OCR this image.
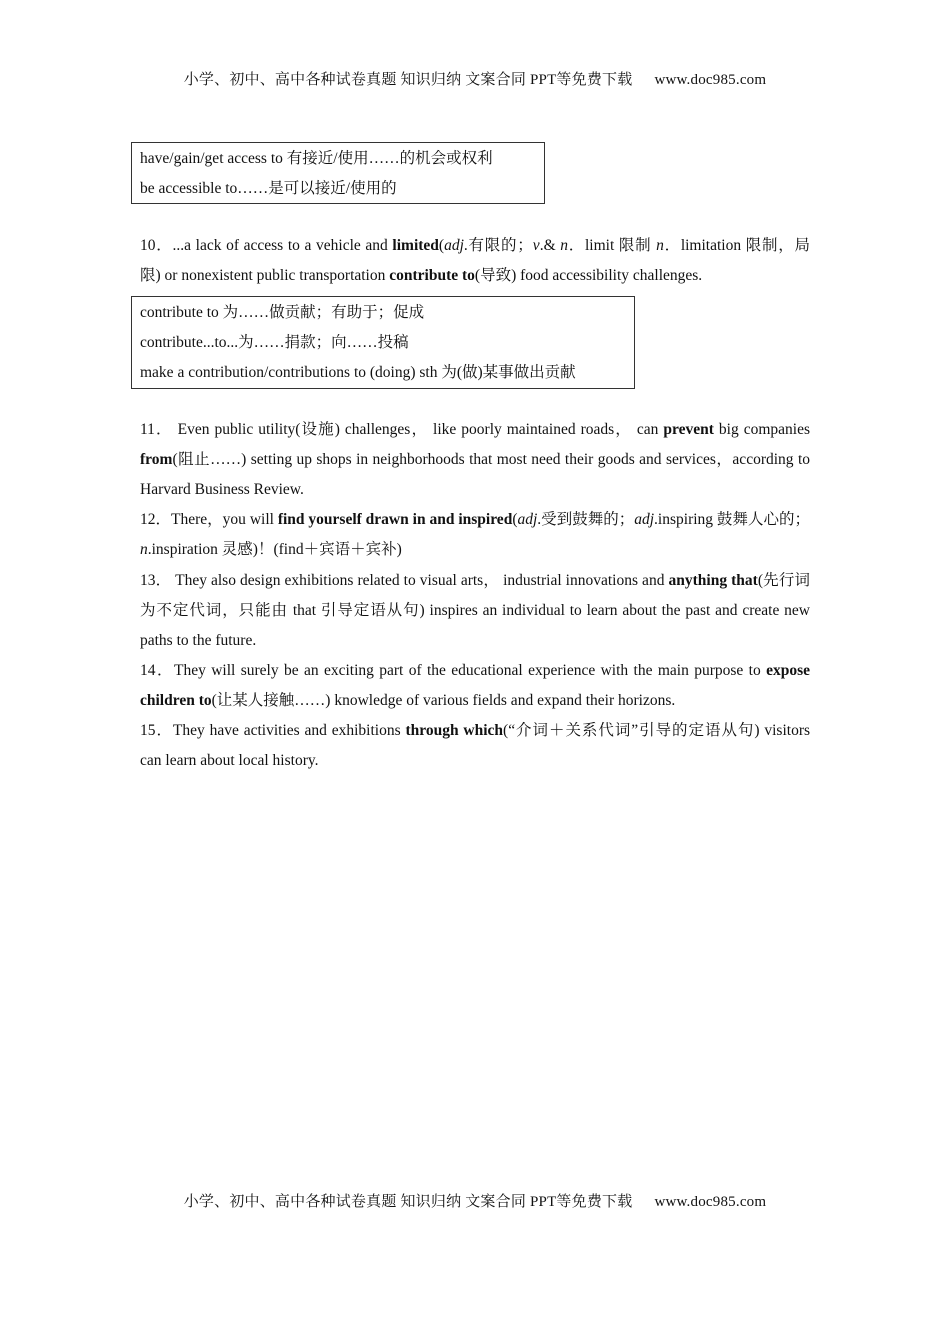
小学、初中、高中各种试卷真题 知识归纳 文案合同 PPT等免费下载 www.doc985.com
have/gain/get access to 有接近/使用……的机会或权利
be accessible to……是可以接近/使用的

10．...a lack of access to a vehicle and limited(adj.有限的；v.& n．limit 限制 n．limitation 限制，局限) or nonexistent public transportation contribute to(导致) food accessibility challenges.

contribute to 为……做贡献；有助于；促成
contribute...to...为……捐款；向……投稿
make a contribution/contributions to (doing) sth 为(做)某事做出贡献

11． Even public utility(设施) challenges， like poorly maintained roads， can prevent big companies from(阻止……) setting up shops in neighborhoods that most need their goods and services，according to Harvard Business Review.

12．There，you will find yourself drawn in and inspired(adj.受到鼓舞的；adj.inspiring 鼓舞人心的；n.inspiration 灵感)！(find＋宾语＋宾补)

13． They also design exhibitions related to visual arts， industrial innovations and anything that(先行词为不定代词，只能由 that 引导定语从句) inspires an individual to learn about the past and create new paths to the future.

14．They will surely be an exciting part of the educational experience with the main purpose to expose children to(让某人接触……) knowledge of various fields and expand their horizons.

15．They have activities and exhibitions through which(“介词＋关系代词”引导的定语从句) visitors can learn about local history.

小学、初中、高中各种试卷真题 知识归纳 文案合同 PPT等免费下载 www.doc985.com
